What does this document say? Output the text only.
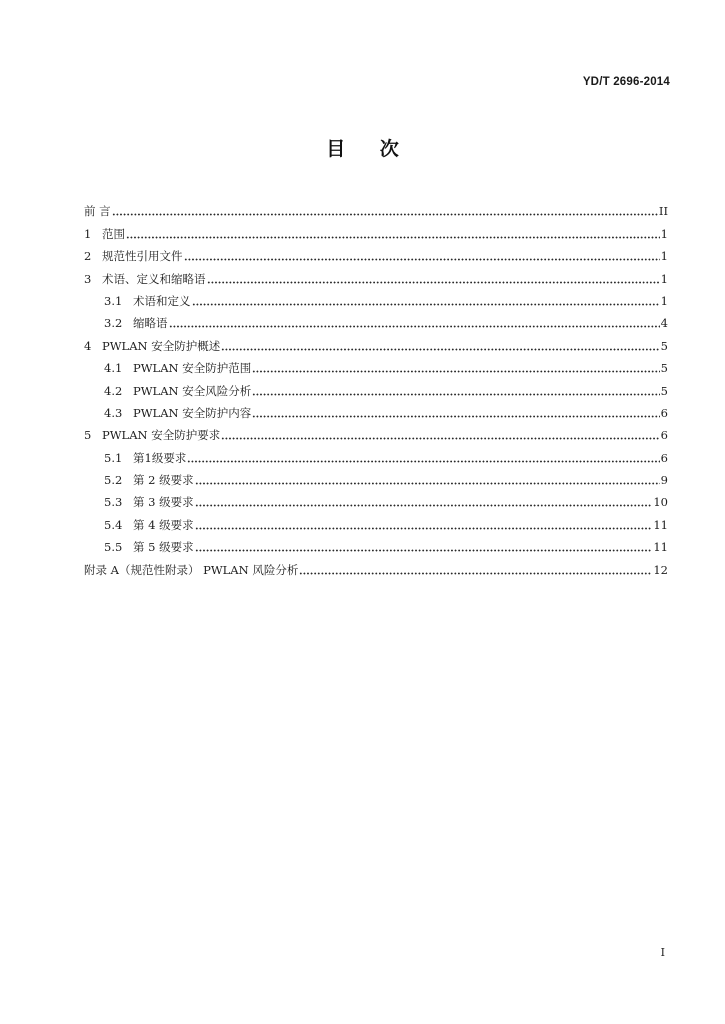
YD/T 2696-2014
目 次
前 言	II
1 范围	1
2 规范性引用文件	1
3 术语、定义和缩略语	1
3.1 术语和定义	1
3.2 缩略语	4
4 PWLAN 安全防护概述	5
4.1 PWLAN 安全防护范围	5
4.2 PWLAN 安全风险分析	5
4.3 PWLAN 安全防护内容	6
5 PWLAN 安全防护要求	6
5.1 第1级要求	6
5.2 第 2 级要求	9
5.3 第 3 级要求	10
5.4 第 4 级要求	11
5.5 第 5 级要求	11
附录 A（规范性附录） PWLAN 风险分析	12
I
